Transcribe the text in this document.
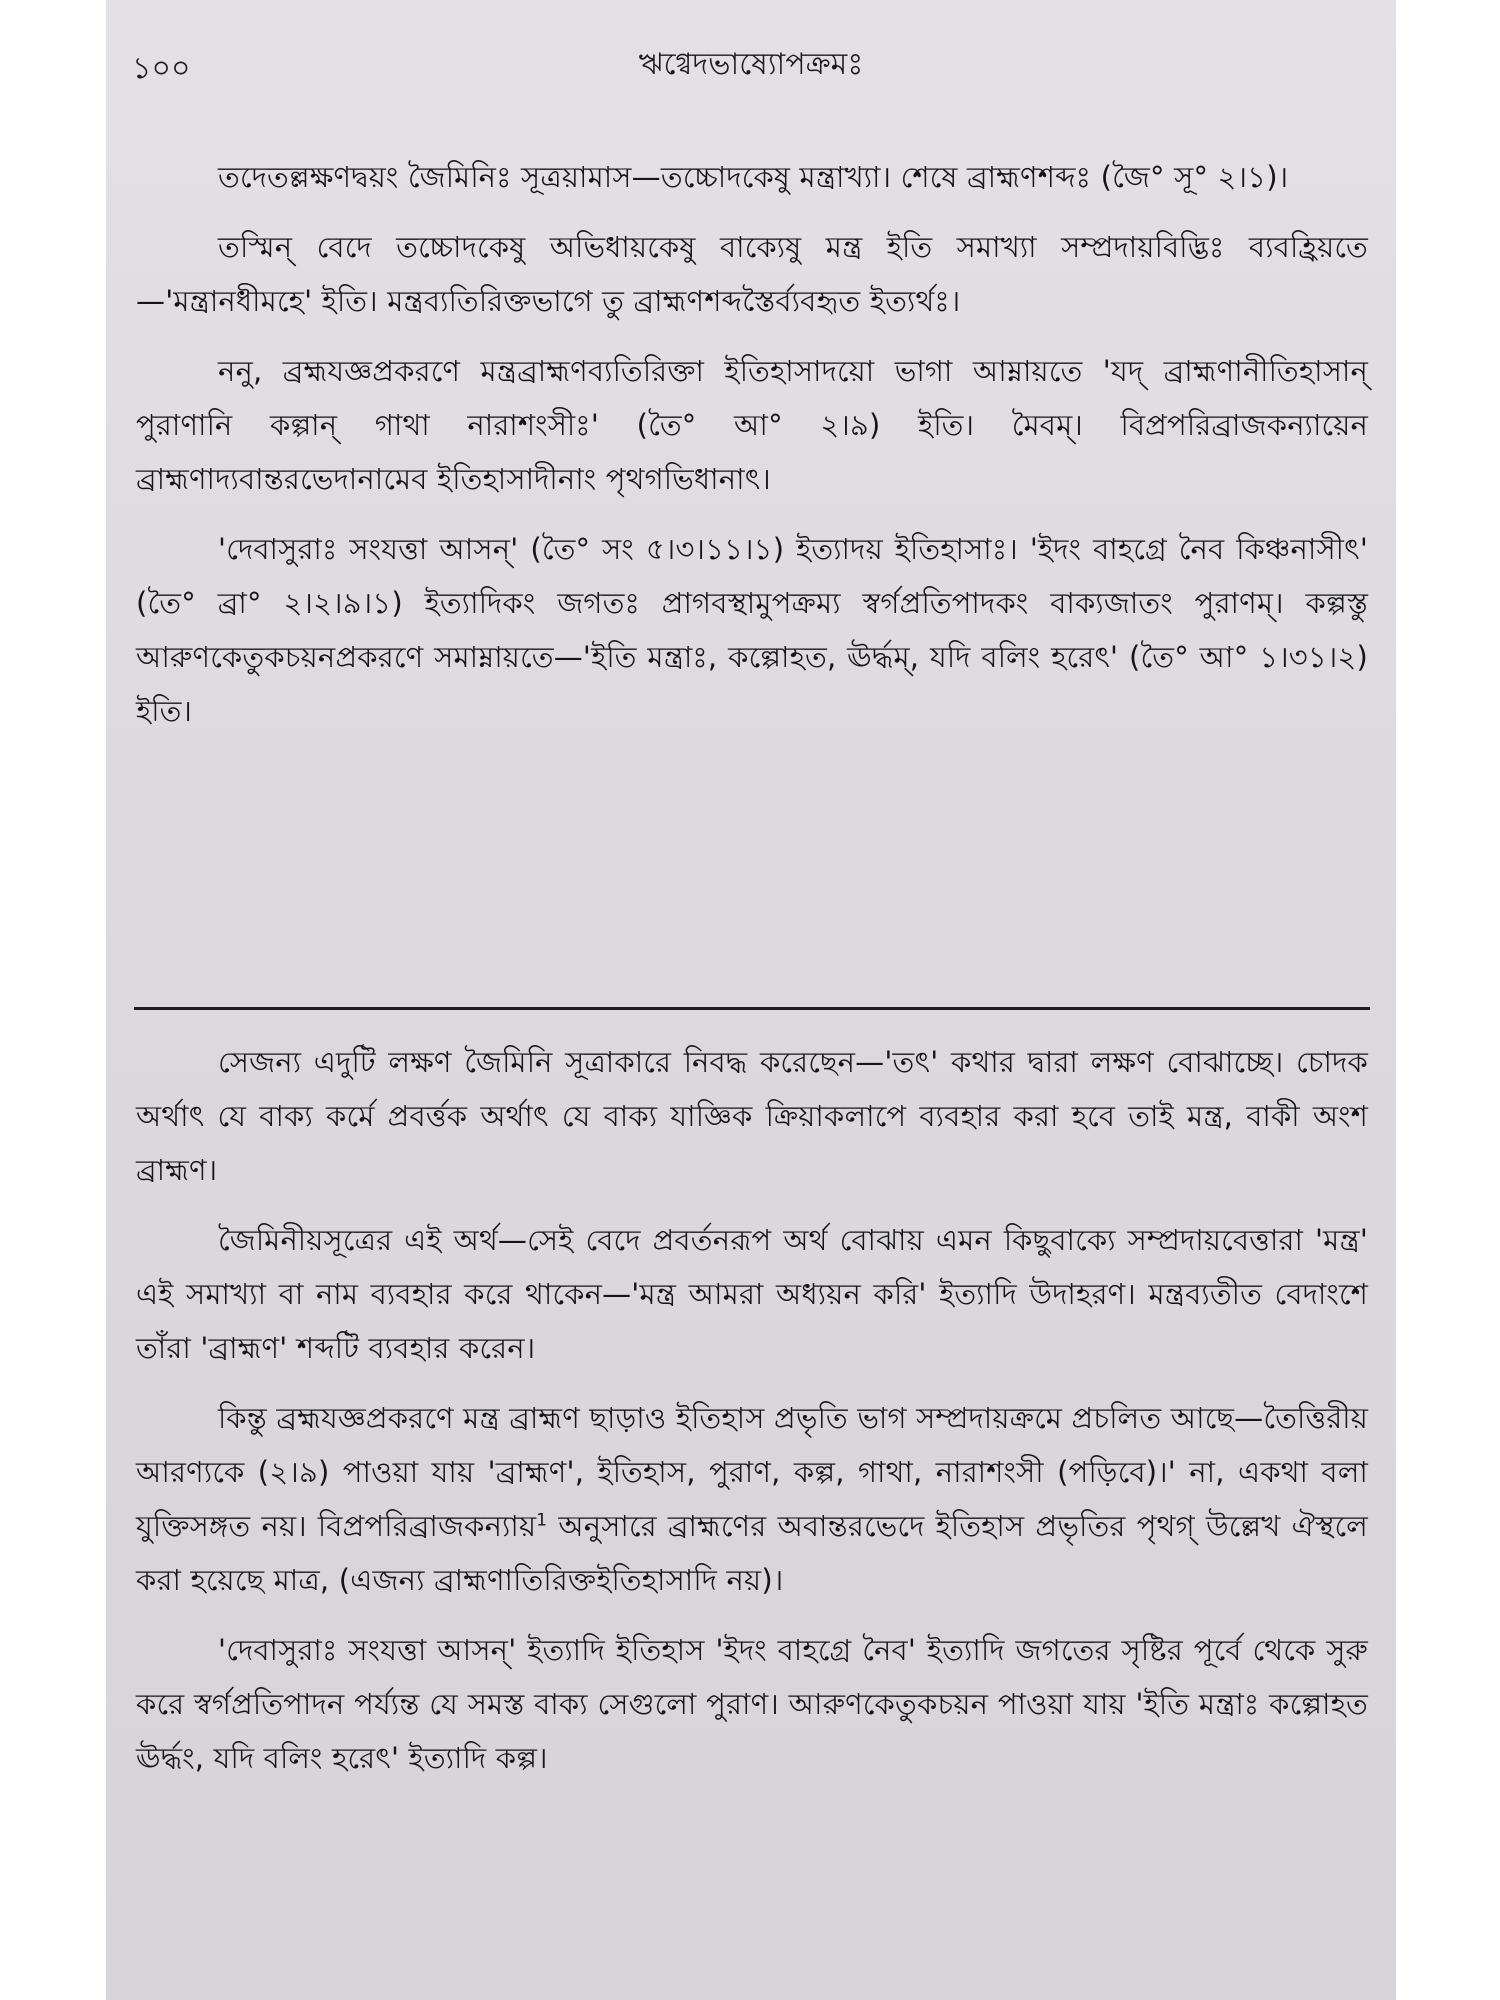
১০০	ঋগ্বেদভাষ্যোপক্রমঃ

তদেতল্লক্ষণদ্বয়ং জৈমিনিঃ সূত্রয়ামাস—তচ্চোদকেষু মন্ত্রাখ্যা। শেষে ব্রাহ্মণশব্দঃ (জৈ° সূ° ২।১)।

তস্মিন্ বেদে তচ্চোদকেষু অভিধায়কেষু বাক্যেষু মন্ত্র ইতি সমাখ্যা সম্প্রদায়বিদ্ভিঃ ব্যবহ্রিয়তে—'মন্ত্রানধীমহে' ইতি। মন্ত্রব্যতিরিক্তভাগে তু ব্রাহ্মণশব্দস্তৈর্ব্যবহৃত ইত্যর্থঃ।

ননু, ব্রহ্মযজ্ঞপ্রকরণে মন্ত্রব্রাহ্মণব্যতিরিক্তা ইতিহাসাদয়ো ভাগা আম্নায়তে 'যদ্ ব্রাহ্মণানীতিহাসান্ পুরাণানি কল্পান্ গাথা নারাশংসীঃ' (তৈ° আ° ২।৯) ইতি। মৈবম্। বিপ্রপরিব্রাজকন্যায়েন ব্রাহ্মণাদ্যবান্তরভেদানামেব ইতিহাসাদীনাং পৃথগভিধানাৎ।

'দেবাসুরাঃ সংযত্তা আসন্' (তৈ° সং ৫।৩।১১।১) ইত্যাদয় ইতিহাসাঃ। 'ইদং বাহগ্রে নৈব কিঞ্চনাসীৎ' (তৈ° ব্রা° ২।২।৯।১) ইত্যাদিকং জগতঃ প্রাগবস্থামুপক্রম্য স্বর্গপ্রতিপাদকং বাক্যজাতং পুরাণম্। কল্পস্তু আরুণকেতুকচয়নপ্রকরণে সমাম্নায়তে—'ইতি মন্ত্রাঃ, কল্পোহত, ঊর্দ্ধম্, যদি বলিং হরেৎ' (তৈ° আ° ১।৩১।২) ইতি।

সেজন্য এদুটি লক্ষণ জৈমিনি সূত্রাকারে নিবদ্ধ করেছেন—'তৎ' কথার দ্বারা লক্ষণ বোঝাচ্ছে। চোদক অর্থাৎ যে বাক্য কর্মে প্রবর্ত্তক অর্থাৎ যে বাক্য যাজ্ঞিক ক্রিয়াকলাপে ব্যবহার করা হবে তাই মন্ত্র, বাকী অংশ ব্রাহ্মণ।

জৈমিনীয়সূত্রের এই অর্থ—সেই বেদে প্রবর্তনরূপ অর্থ বোঝায় এমন কিছুবাক্যে সম্প্রদায়বেত্তারা 'মন্ত্র' এই সমাখ্যা বা নাম ব্যবহার করে থাকেন—'মন্ত্র আমরা অধ্যয়ন করি' ইত্যাদি উদাহরণ। মন্ত্রব্যতীত বেদাংশে তাঁরা 'ব্রাহ্মণ' শব্দটি ব্যবহার করেন।

কিন্তু ব্রহ্মযজ্ঞপ্রকরণে মন্ত্র ব্রাহ্মণ ছাড়াও ইতিহাস প্রভৃতি ভাগ সম্প্রদায়ক্রমে প্রচলিত আছে—তৈত্তিরীয় আরণ্যকে (২।৯) পাওয়া যায় 'ব্রাহ্মণ', ইতিহাস, পুরাণ, কল্প, গাথা, নারাশংসী (পড়িবে)।' না, একথা বলা যুক্তিসঙ্গত নয়। বিপ্রপরিব্রাজকন্যায়$^1$ অনুসারে ব্রাহ্মণের অবান্তরভেদে ইতিহাস প্রভৃতির পৃথগ্ উল্লেখ ঐস্থলে করা হয়েছে মাত্র, (এজন্য ব্রাহ্মণাতিরিক্তইতিহাসাদি নয়)।

'দেবাসুরাঃ সংযত্তা আসন্' ইত্যাদি ইতিহাস 'ইদং বাহগ্রে নৈব' ইত্যাদি জগতের সৃষ্টির পূর্বে থেকে সুরু করে স্বর্গপ্রতিপাদন পর্য্যন্ত যে সমস্ত বাক্য সেগুলো পুরাণ। আরুণকেতুকচয়ন পাওয়া যায় 'ইতি মন্ত্রাঃ কল্পোহত ঊর্দ্ধং, যদি বলিং হরেৎ' ইত্যাদি কল্প।
